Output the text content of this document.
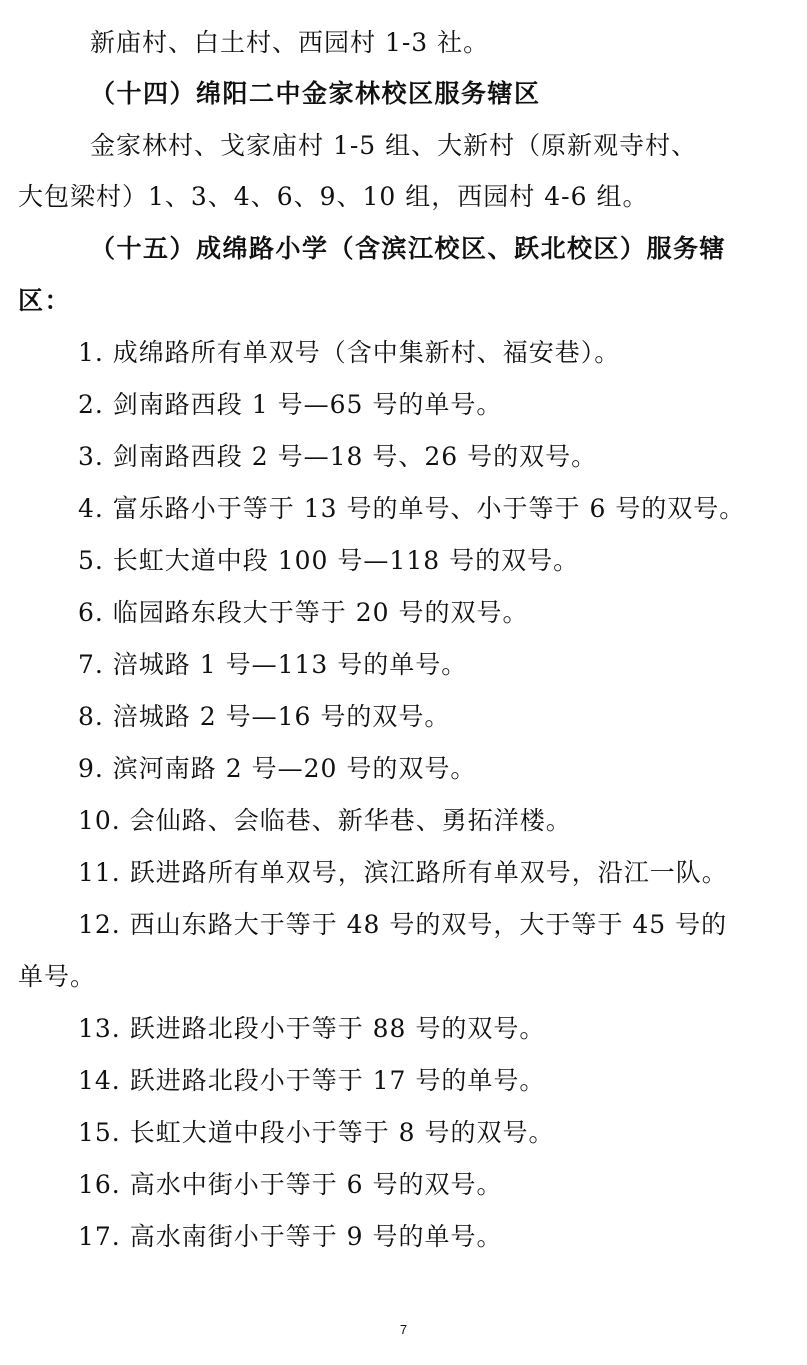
新庙村、白土村、西园村 1-3 社。
（十四）绵阳二中金家林校区服务辖区
金家林村、戈家庙村 1-5 组、大新村（原新观寺村、
大包梁村）1、3、4、6、9、10 组，西园村 4-6 组。
（十五）成绵路小学（含滨江校区、跃北校区）服务辖
区：
1. 成绵路所有单双号（含中集新村、福安巷）。
2. 剑南路西段 1 号—65 号的单号。
3. 剑南路西段 2 号—18 号、26 号的双号。
4. 富乐路小于等于 13 号的单号、小于等于 6 号的双号。
5. 长虹大道中段 100 号—118 号的双号。
6. 临园路东段大于等于 20 号的双号。
7. 涪城路 1 号—113 号的单号。
8. 涪城路 2 号—16 号的双号。
9. 滨河南路 2 号—20 号的双号。
10. 会仙路、会临巷、新华巷、勇拓洋楼。
11. 跃进路所有单双号，滨江路所有单双号，沿江一队。
12. 西山东路大于等于 48 号的双号，大于等于 45 号的
单号。
13. 跃进路北段小于等于 88 号的双号。
14. 跃进路北段小于等于 17 号的单号。
15. 长虹大道中段小于等于 8 号的双号。
16. 高水中街小于等于 6 号的双号。
17. 高水南街小于等于 9 号的单号。
7
